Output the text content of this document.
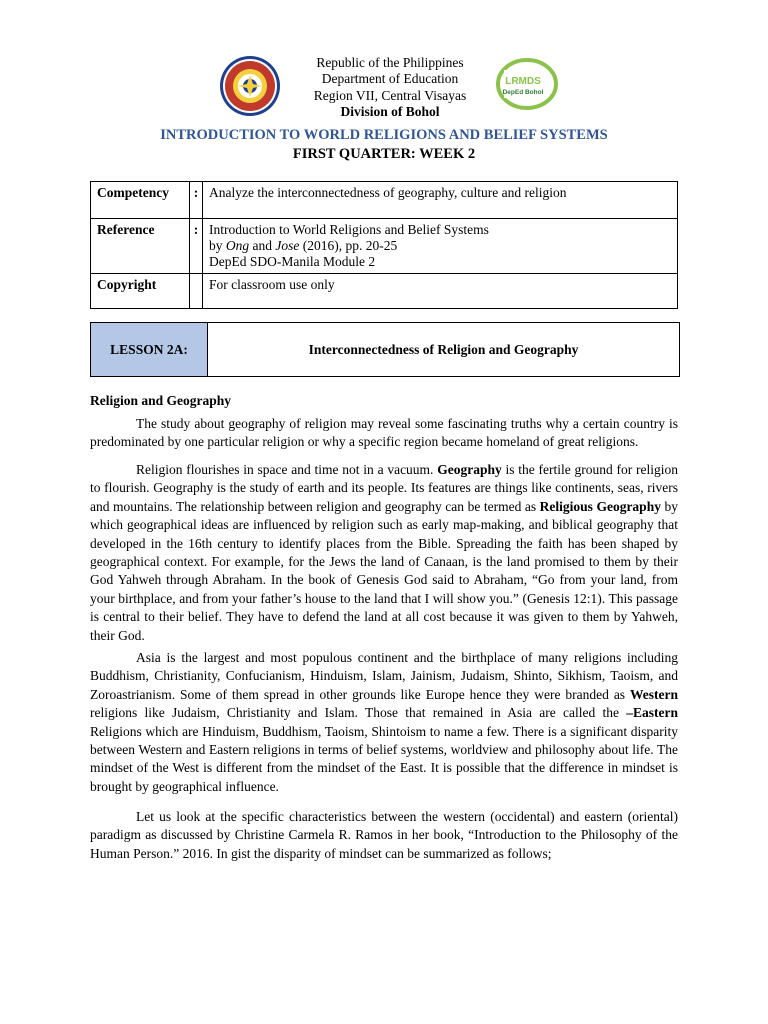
LRMDS
DepEd Bohol
Republic of the Philippines
Department of Education
Region VII, Central Visayas
Division of Bohol
INTRODUCTION TO WORLD RELIGIONS AND BELIEF SYSTEMS
FIRST QUARTER: WEEK 2
Competency	:	Analyze the interconnectedness of geography, culture and religion
Reference	:	Introduction to World Religions and Belief Systems
by Ong and Jose (2016), pp. 20-25
DepEd SDO-Manila Module 2

Copyright		For classroom use only
LESSON 2A:	Interconnectedness of Religion and Geography
Religion and Geography

The study about geography of religion may reveal some fascinating truths why a certain country is predominated by one particular religion or why a specific region became homeland of great religions.

Religion flourishes in space and time not in a vacuum. Geography is the fertile ground for religion to flourish. Geography is the study of earth and its people. Its features are things like continents, seas, rivers and mountains. The relationship between religion and geography can be termed as Religious Geography by which geographical ideas are influenced by religion such as early map-making, and biblical geography that developed in the 16th century to identify places from the Bible. Spreading the faith has been shaped by geographical context. For example, for the Jews the land of Canaan, is the land promised to them by their God Yahweh through Abraham. In the book of Genesis God said to Abraham, “Go from your land, from your birthplace, and from your father’s house to the land that I will show you.” (Genesis 12:1). This passage is central to their belief. They have to defend the land at all cost because it was given to them by Yahweh, their God.

Asia is the largest and most populous continent and the birthplace of many religions including Buddhism, Christianity, Confucianism, Hinduism, Islam, Jainism, Judaism, Shinto, Sikhism, Taoism, and Zoroastrianism. Some of them spread in other grounds like Europe hence they were branded as Western religions like Judaism, Christianity and Islam. Those that remained in Asia are called the –Eastern Religions which are Hinduism, Buddhism, Taoism, Shintoism to name a few. There is a significant disparity between Western and Eastern religions in terms of belief systems, worldview and philosophy about life. The mindset of the West is different from the mindset of the East. It is possible that the difference in mindset is brought by geographical influence.

Let us look at the specific characteristics between the western (occidental) and eastern (oriental) paradigm as discussed by Christine Carmela R. Ramos in her book, “Introduction to the Philosophy of the Human Person.” 2016. In gist the disparity of mindset can be summarized as follows;
